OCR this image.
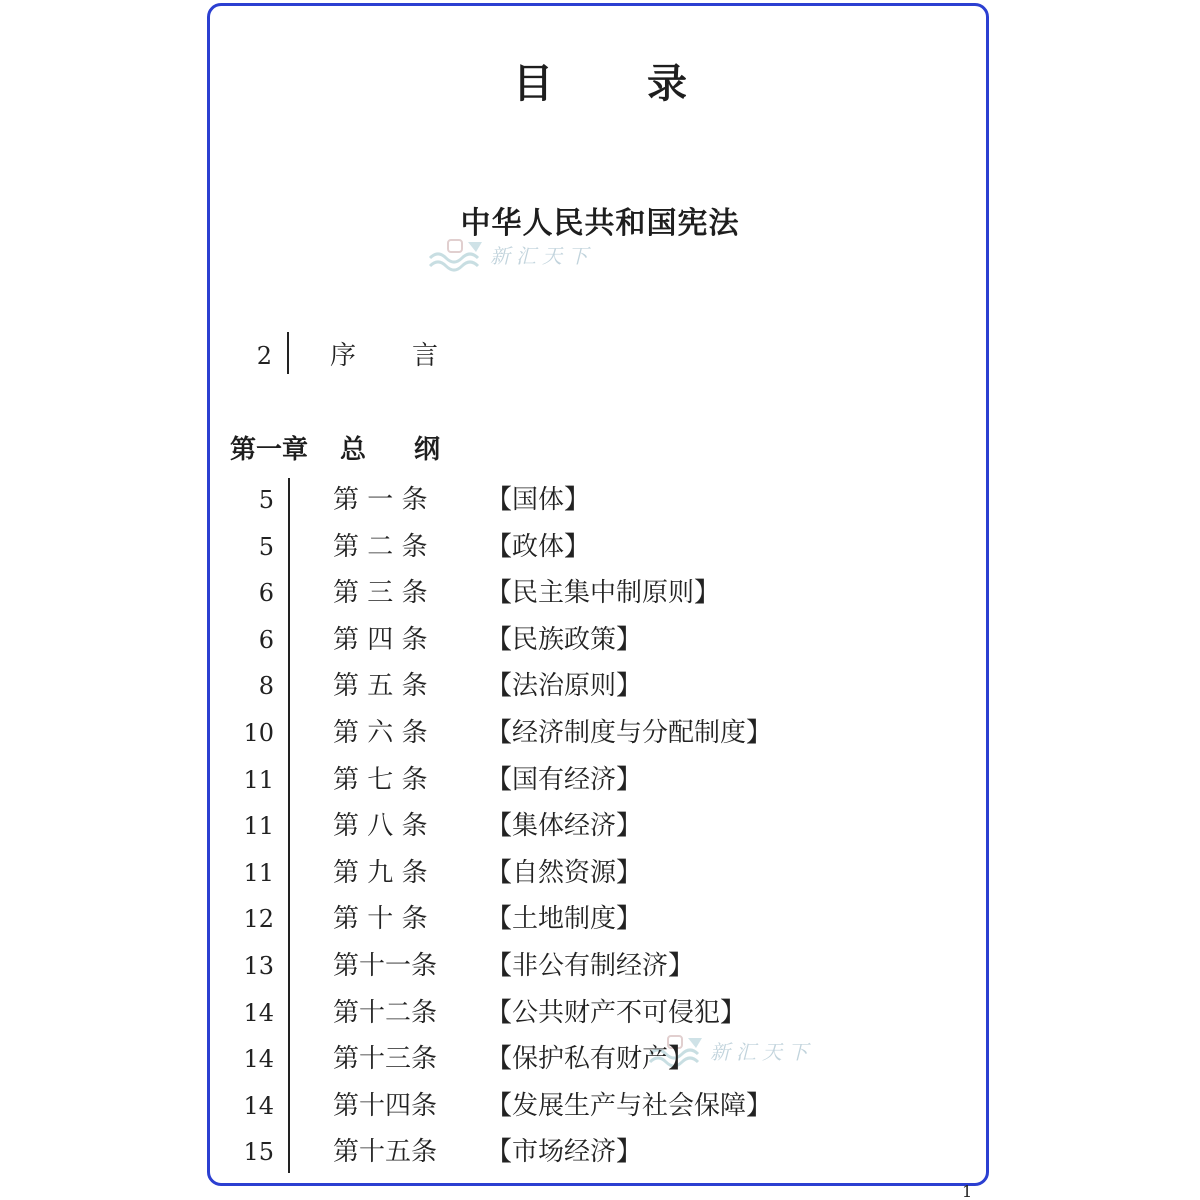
目 录
中华人民共和国宪法
新汇天下
新汇天下
2 序言
第一章 总纲
5 第 一 条 【国体】
5 第 二 条 【政体】
6 第 三 条 【民主集中制原则】
6 第 四 条 【民族政策】
8 第 五 条 【法治原则】
10 第 六 条 【经济制度与分配制度】
11 第 七 条 【国有经济】
11 第 八 条 【集体经济】
11 第 九 条 【自然资源】
12 第 十 条 【土地制度】
13 第十一条 【非公有制经济】
14 第十二条 【公共财产不可侵犯】
14 第十三条 【保护私有财产】
14 第十四条 【发展生产与社会保障】
15 第十五条 【市场经济】
1
